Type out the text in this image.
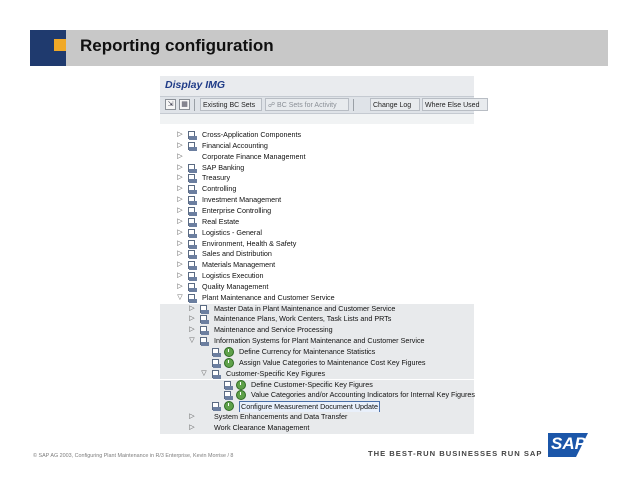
Reporting configuration
Display IMG
⇲	▦	Existing BC Sets	☍ BC Sets for Activity	Change Log	Where Else Used
▷	Cross-Application Components
▷	Financial Accounting
▷	Corporate Finance Management
▷	SAP Banking
▷	Treasury
▷	Controlling
▷	Investment Management
▷	Enterprise Controlling
▷	Real Estate
▷	Logistics - General
▷	Environment, Health & Safety
▷	Sales and Distribution
▷	Materials Management
▷	Logistics Execution
▷	Quality Management
▽	Plant Maintenance and Customer Service
▷	Master Data in Plant Maintenance and Customer Service
▷	Maintenance Plans, Work Centers, Task Lists and PRTs
▷	Maintenance and Service Processing
▽	Information Systems for Plant Maintenance and Customer Service
Define Currency for Maintenance Statistics
Assign Value Categories to Maintenance Cost Key Figures
▽	Customer-Specific Key Figures
Define Customer-Specific Key Figures
Value Categories and/or Accounting Indicators for Internal Key Figures
Configure Measurement Document Update
▷	System Enhancements and Data Transfer
▷	Work Clearance Management
© SAP AG 2003, Configuring Plant Maintenance in R/3 Enterprise, Kevin Morrise / 8	THE BEST-RUN BUSINESSES RUN SAP
SAP
